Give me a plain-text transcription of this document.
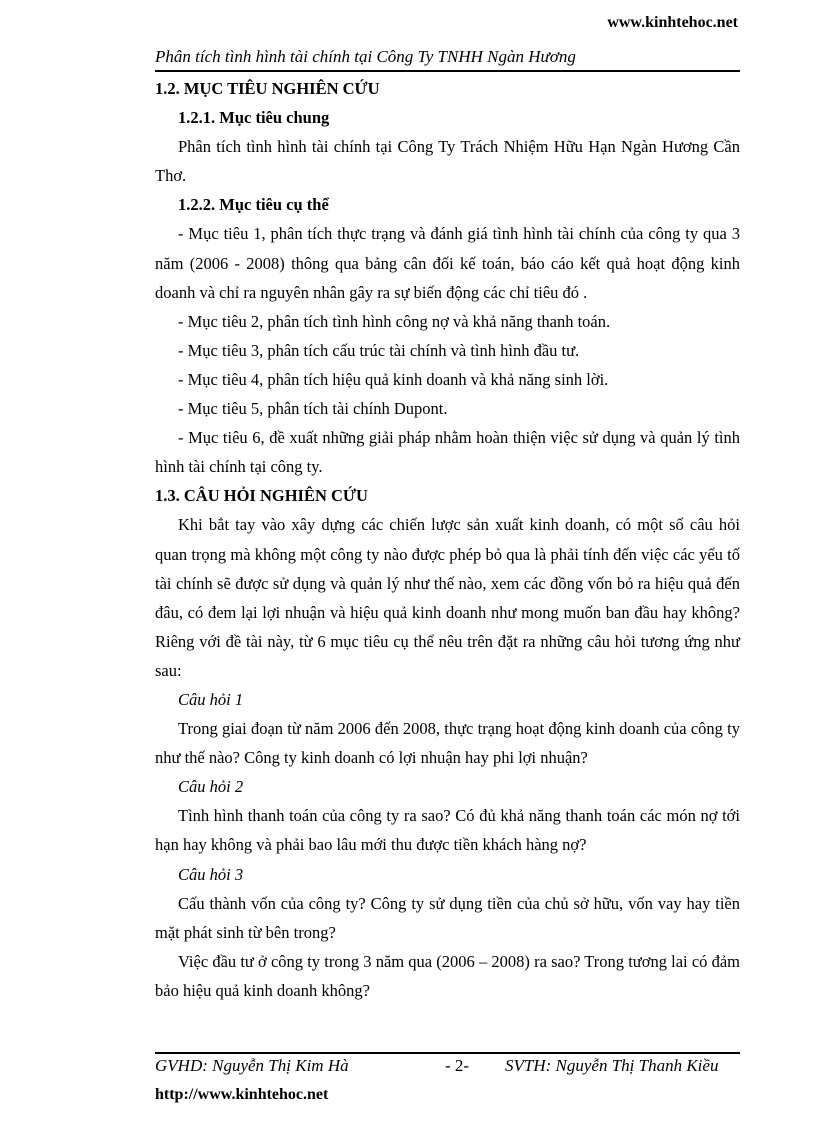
www.kinhtehoc.net
Phân tích tình hình tài chính tại Công Ty TNHH Ngàn Hương

1.2. MỤC TIÊU NGHIÊN CỨU

1.2.1. Mục tiêu chung

Phân tích tình hình tài chính tại Công Ty Trách Nhiệm Hữu Hạn Ngàn Hương Cần Thơ.

1.2.2. Mục tiêu cụ thể

- Mục tiêu 1, phân tích thực trạng và đánh giá tình hình tài chính của công ty qua 3 năm (2006 - 2008) thông qua bảng cân đối kế toán, báo cáo kết quả hoạt động kinh doanh và chỉ ra nguyên nhân gây ra sự biến động các chỉ tiêu đó .

- Mục tiêu 2, phân tích tình hình công nợ và khả năng thanh toán.

- Mục tiêu 3, phân tích cấu trúc tài chính và tình hình đầu tư.

- Mục tiêu 4, phân tích hiệu quả kinh doanh và khả năng sinh lời.

- Mục tiêu 5, phân tích tài chính Dupont.

- Mục tiêu 6, đề xuất những giải pháp nhằm hoàn thiện việc sử dụng và quản lý tình hình tài chính tại công ty.

1.3. CÂU HỎI NGHIÊN CỨU

Khi bắt tay vào xây dựng các chiến lược sản xuất kinh doanh, có một số câu hỏi quan trọng mà không một công ty nào được phép bỏ qua là phải tính đến việc các yếu tố tài chính sẽ được sử dụng và quản lý như thế nào, xem các đồng vốn bỏ ra hiệu quả đến đâu, có đem lại lợi nhuận và hiệu quả kinh doanh như mong muốn ban đầu hay không? Riêng với đề tài này, từ 6 mục tiêu cụ thể nêu trên đặt ra những câu hỏi tương ứng như sau:

Câu hỏi 1

Trong giai đoạn từ năm 2006 đến 2008, thực trạng hoạt động kinh doanh của công ty như thế nào? Công ty kinh doanh có lợi nhuận hay phi lợi nhuận?

Câu hỏi 2

Tình hình thanh toán của công ty ra sao? Có đủ khả năng thanh toán các món nợ tới hạn hay không và phải bao lâu mới thu được tiền khách hàng nợ?

Câu hỏi 3

Cấu thành vốn của công ty? Công ty sử dụng tiền của chủ sở hữu, vốn vay hay tiền mặt phát sinh từ bên trong?

Việc đầu tư ở công ty trong 3 năm qua (2006 – 2008) ra sao? Trong tương lai có đảm bảo hiệu quả kinh doanh không?

GVHD: Nguyễn Thị Kim Hà	- 2- SVTH: Nguyễn Thị Thanh Kiều
http://www.kinhtehoc.net
